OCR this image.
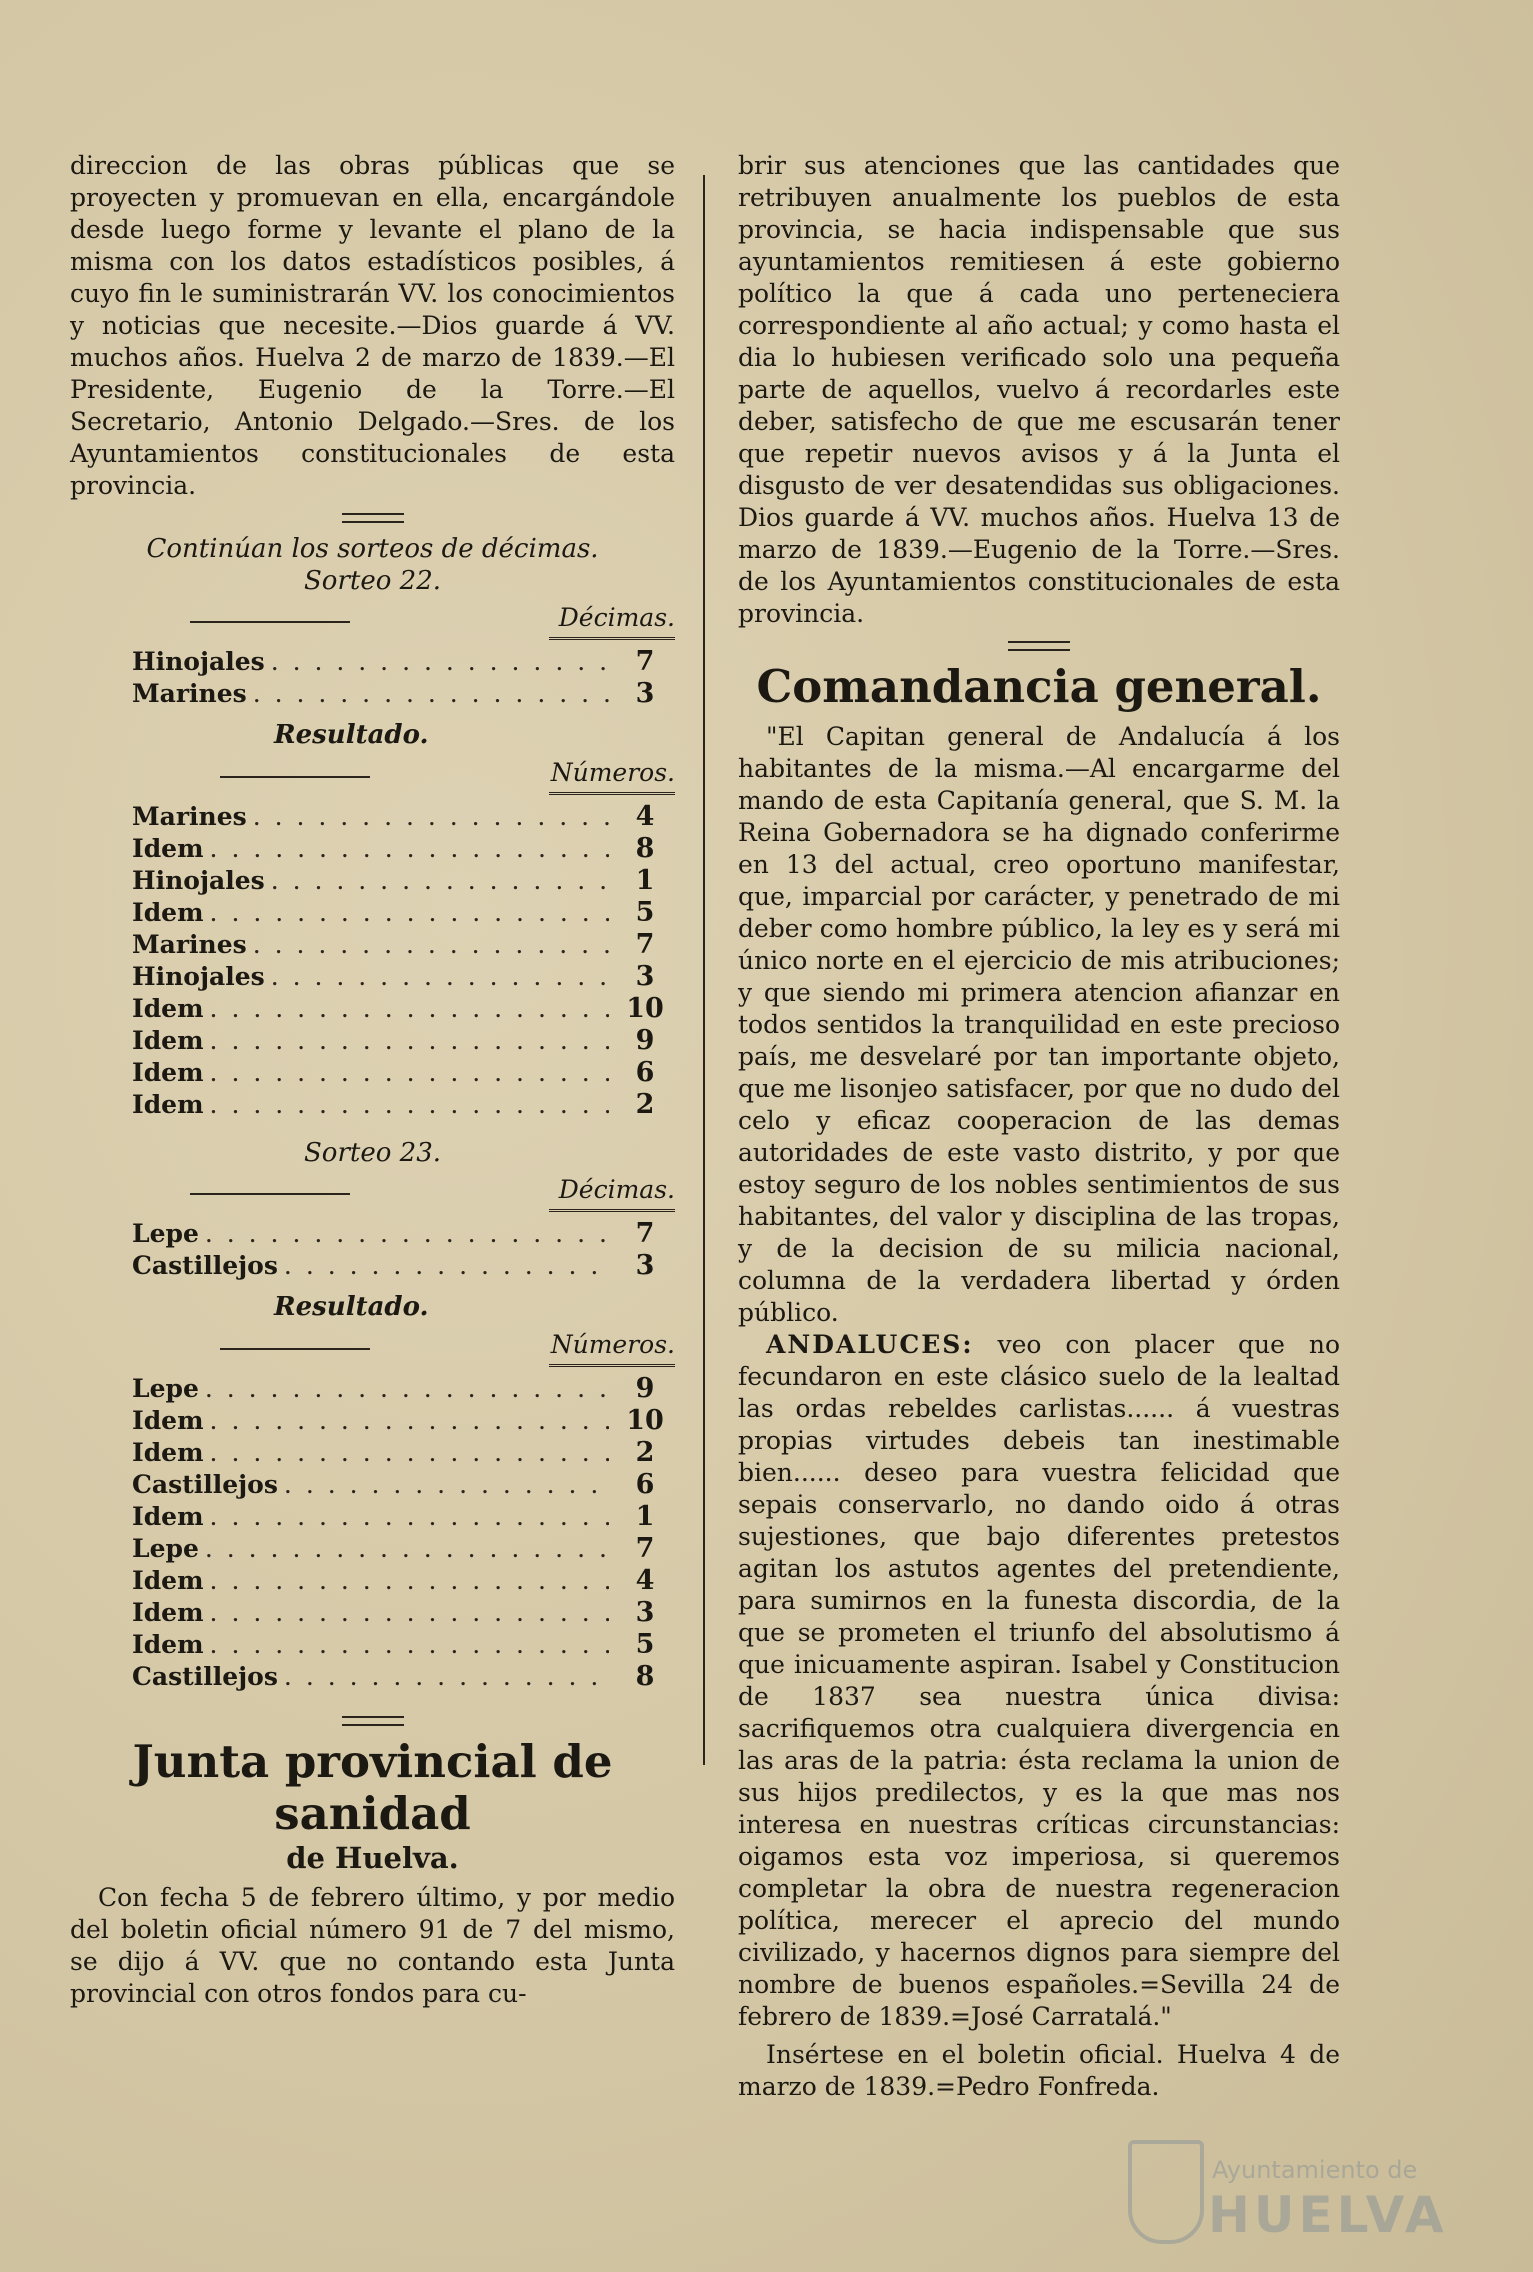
direccion de las obras públicas que se proyecten y promuevan en ella, encargándole desde luego forme y levante el plano de la misma con los datos estadísticos posibles, á cuyo fin le suministrarán VV. los conocimientos y noticias que necesite.—Dios guarde á VV. muchos años. Huelva 2 de marzo de 1839.—El Presidente, Eugenio de la Torre.—El Secretario, Antonio Delgado.—Sres. de los Ayuntamientos constitucionales de esta provincia.

Continúan los sorteos de décimas.

Sorteo 22.

Décimas.
Hinojales . . .	7
Marines . . .	3

Resultado.

Números.
Marines . . .	4
Idem . . .	8
Hinojales . . .	1
Idem . . .	5
Marines . . .	7
Hinojales . . .	3
Idem . . .	10
Idem . . .	9
Idem . . .	6
Idem . . .	2

Sorteo 23.

Décimas.
Lepe . . .	7
Castillejos . . .	3

Resultado.

Números.
Lepe . . .	9
Idem . . .	10
Idem . . .	2
Castillejos . . .	6
Idem . . .	1
Lepe . . .	7
Idem . . .	4
Idem . . .	3
Idem . . .	5
Castillejos . . .	8

Junta provincial de sanidad

de Huelva.

Con fecha 5 de febrero último, y por medio del boletin oficial número 91 de 7 del mismo, se dijo á VV. que no contando esta Junta provincial con otros fondos para cu-

brir sus atenciones que las cantidades que retribuyen anualmente los pueblos de esta provincia, se hacia indispensable que sus ayuntamientos remitiesen á este gobierno político la que á cada uno perteneciera correspondiente al año actual; y como hasta el dia lo hubiesen verificado solo una pequeña parte de aquellos, vuelvo á recordarles este deber, satisfecho de que me escusarán tener que repetir nuevos avisos y á la Junta el disgusto de ver desatendidas sus obligaciones. Dios guarde á VV. muchos años. Huelva 13 de marzo de 1839.—Eugenio de la Torre.—Sres. de los Ayuntamientos constitucionales de esta provincia.

Comandancia general.

"El Capitan general de Andalucía á los habitantes de la misma.—Al encargarme del mando de esta Capitanía general, que S. M. la Reina Gobernadora se ha dignado conferirme en 13 del actual, creo oportuno manifestar, que, imparcial por carácter, y penetrado de mi deber como hombre público, la ley es y será mi único norte en el ejercicio de mis atribuciones; y que siendo mi primera atencion afianzar en todos sentidos la tranquilidad en este precioso país, me desvelaré por tan importante objeto, que me lisonjeo satisfacer, por que no dudo del celo y eficaz cooperacion de las demas autoridades de este vasto distrito, y por que estoy seguro de los nobles sentimientos de sus habitantes, del valor y disciplina de las tropas, y de la decision de su milicia nacional, columna de la verdadera libertad y órden público.

ANDALUCES: veo con placer que no fecundaron en este clásico suelo de la lealtad las ordas rebeldes carlistas...... á vuestras propias virtudes debeis tan inestimable bien...... deseo para vuestra felicidad que sepais conservarlo, no dando oido á otras sujestiones, que bajo diferentes pretestos agitan los astutos agentes del pretendiente, para sumirnos en la funesta discordia, de la que se prometen el triunfo del absolutismo á que inicuamente aspiran. Isabel y Constitucion de 1837 sea nuestra única divisa: sacrifiquemos otra cualquiera divergencia en las aras de la patria: ésta reclama la union de sus hijos predilectos, y es la que mas nos interesa en nuestras críticas circunstancias: oigamos esta voz imperiosa, si queremos completar la obra de nuestra regeneracion política, merecer el aprecio del mundo civilizado, y hacernos dignos para siempre del nombre de buenos españoles.=Sevilla 24 de febrero de 1839.=José Carratalá."

Insértese en el boletin oficial. Huelva 4 de marzo de 1839.=Pedro Fonfreda.

Ayuntamiento de
HUELVA
